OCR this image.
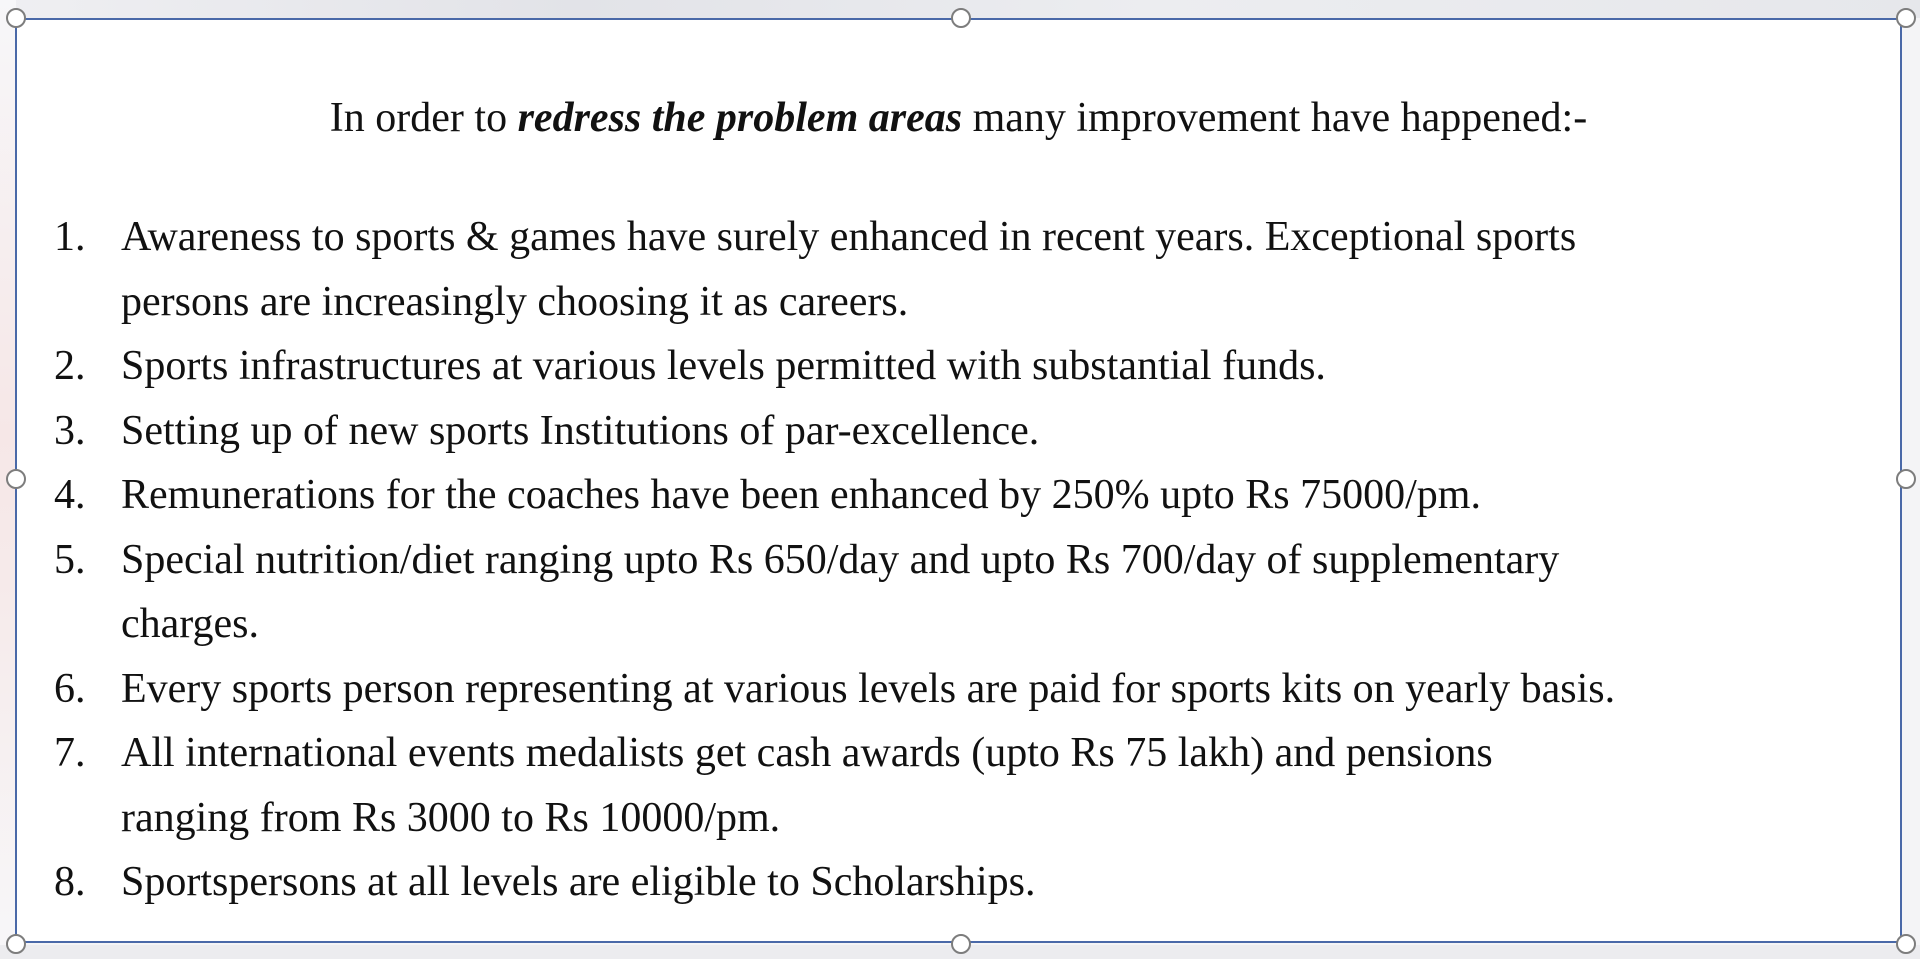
In order to redress the problem areas many improvement have happened:-
1. Awareness to sports & games have surely enhanced in recent years. Exceptional sports
persons are increasingly choosing it as careers.
2. Sports infrastructures at various levels permitted with substantial funds.
3. Setting up of new sports Institutions of par-excellence.
4. Remunerations for the coaches have been enhanced by 250% upto Rs 75000/pm.
5. Special nutrition/diet ranging upto Rs 650/day and upto Rs 700/day of supplementary
charges.
6. Every sports person representing at various levels are paid for sports kits on yearly basis.
7. All international events medalists get cash awards (upto Rs 75 lakh) and pensions
ranging from Rs 3000 to Rs 10000/pm.
8. Sportspersons at all levels are eligible to Scholarships.
